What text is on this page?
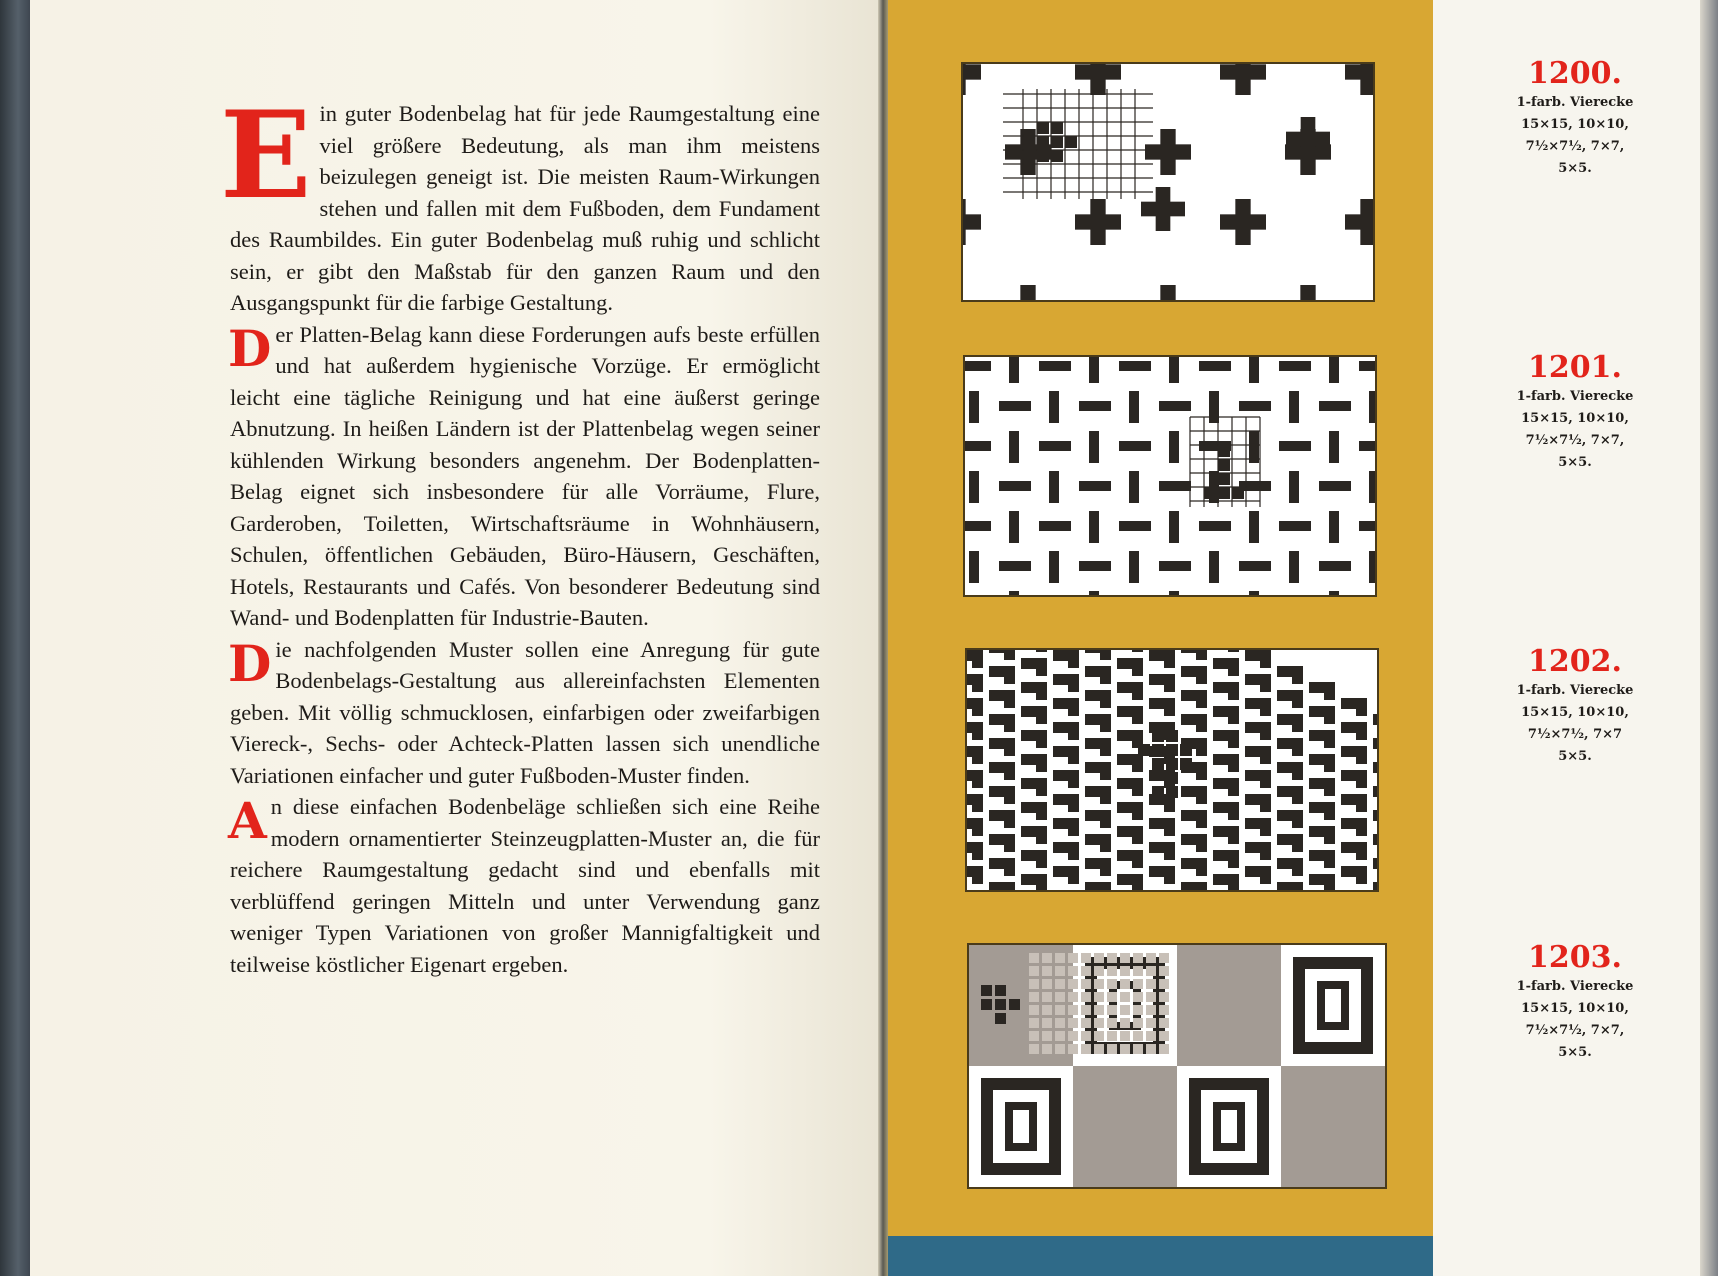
Ein guter Bodenbelag hat für jede Raumgestaltung eine viel größere Bedeutung, als man ihm meistens beizulegen geneigt ist. Die meisten Raum-Wirkungen stehen und fallen mit dem Fußboden, dem Fundament des Raumbildes. Ein guter Bodenbelag muß ruhig und schlicht sein, er gibt den Maßstab für den ganzen Raum und den Ausgangspunkt für die farbige Gestaltung.

Der Platten-Belag kann diese Forderungen aufs beste erfüllen und hat außerdem hygienische Vorzüge. Er ermöglicht leicht eine tägliche Reinigung und hat eine äußerst geringe Abnutzung. In heißen Ländern ist der Plattenbelag wegen seiner kühlenden Wirkung besonders angenehm. Der Bodenplatten-Belag eignet sich insbesondere für alle Vorräume, Flure, Garderoben, Toiletten, Wirtschaftsräume in Wohnhäusern, Schulen, öffentlichen Gebäuden, Büro-Häusern, Geschäften, Hotels, Restaurants und Cafés. Von besonderer Bedeutung sind Wand- und Bodenplatten für Industrie-Bauten.

Die nachfolgenden Muster sollen eine Anregung für gute Bodenbelags-Gestaltung aus allereinfachsten Elementen geben. Mit völlig schmucklosen, einfarbigen oder zweifarbigen Viereck-, Sechs- oder Achteck-Platten lassen sich unendliche Variationen einfacher und guter Fußboden-Muster finden.

An diese einfachen Bodenbeläge schließen sich eine Reihe modern ornamentierter Steinzeugplatten-Muster an, die für reichere Raumgestaltung gedacht sind und ebenfalls mit verblüffend geringen Mitteln und unter Verwendung ganz weniger Typen Variationen von großer Mannigfaltigkeit und teilweise köstlicher Eigenart ergeben.

1200.
1-farb. Vierecke
15×15, 10×10,
7½×7½, 7×7,
5×5.
1201.
1-farb. Vierecke
15×15, 10×10,
7½×7½, 7×7,
5×5.
1202.
1-farb. Vierecke
15×15, 10×10,
7½×7½, 7×7
5×5.
1203.
1-farb. Vierecke
15×15, 10×10,
7½×7½, 7×7,
5×5.
